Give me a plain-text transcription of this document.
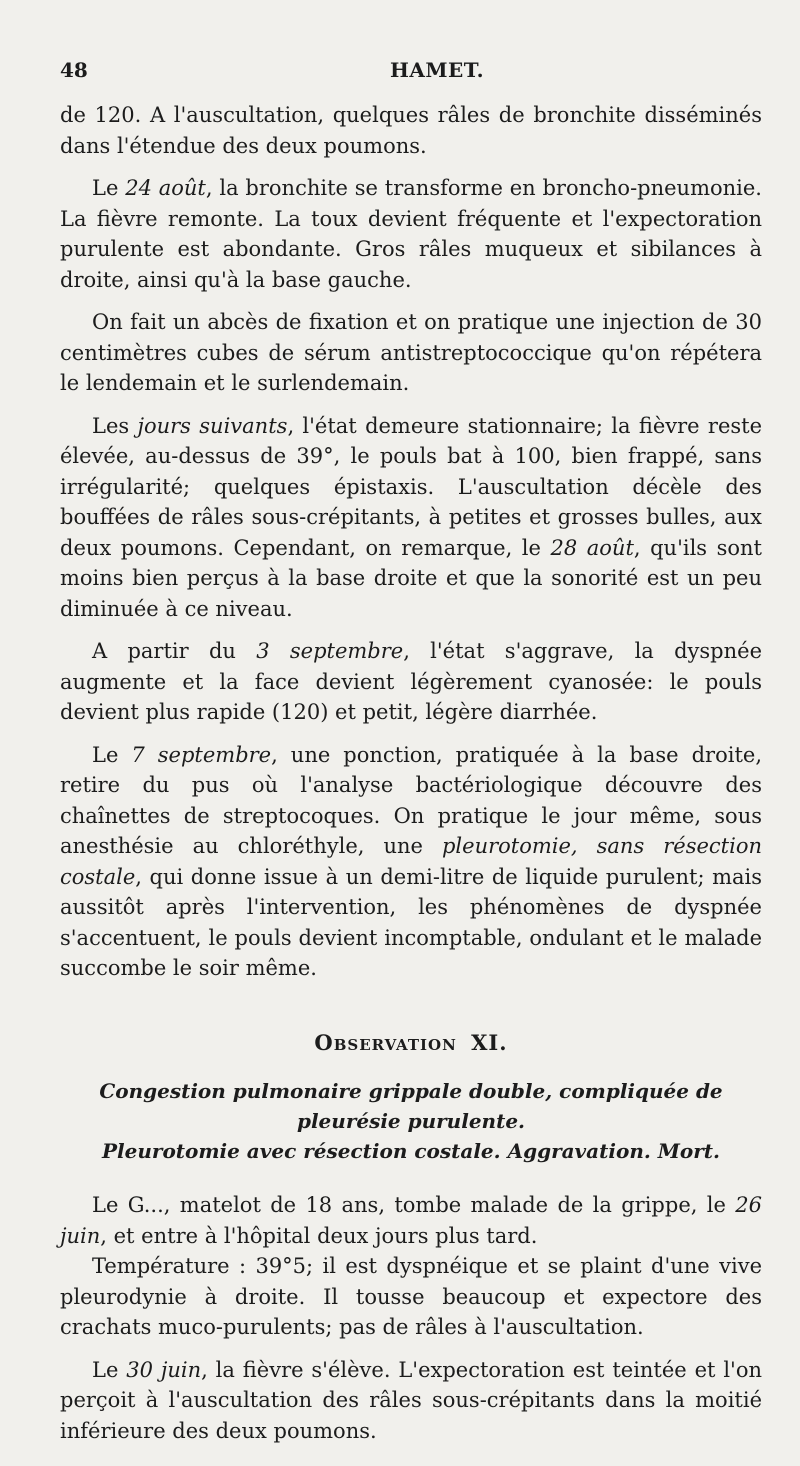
48	HAMET.

de 120. A l'auscultation, quelques râles de bronchite disséminés dans l'étendue des deux poumons.

Le 24 août, la bronchite se transforme en broncho-pneumonie. La fièvre remonte. La toux devient fréquente et l'expectoration purulente est abondante. Gros râles muqueux et sibilances à droite, ainsi qu'à la base gauche.

On fait un abcès de fixation et on pratique une injection de 30 centimètres cubes de sérum antistreptococcique qu'on répétera le lendemain et le surlendemain.

Les jours suivants, l'état demeure stationnaire; la fièvre reste élevée, au-dessus de 39°, le pouls bat à 100, bien frappé, sans irrégularité; quelques épistaxis. L'auscultation décèle des bouffées de râles sous-crépitants, à petites et grosses bulles, aux deux poumons. Cependant, on remarque, le 28 août, qu'ils sont moins bien perçus à la base droite et que la sonorité est un peu diminuée à ce niveau.

A partir du 3 septembre, l'état s'aggrave, la dyspnée augmente et la face devient légèrement cyanosée: le pouls devient plus rapide (120) et petit, légère diarrhée.

Le 7 septembre, une ponction, pratiquée à la base droite, retire du pus où l'analyse bactériologique découvre des chaînettes de streptocoques. On pratique le jour même, sous anesthésie au chloréthyle, une pleurotomie, sans résection costale, qui donne issue à un demi-litre de liquide purulent; mais aussitôt après l'intervention, les phénomènes de dyspnée s'accentuent, le pouls devient incomptable, ondulant et le malade succombe le soir même.

Observation XI.
Congestion pulmonaire grippale double, compliquée de pleurésie purulente.
Pleurotomie avec résection costale. Aggravation. Mort.

Le G..., matelot de 18 ans, tombe malade de la grippe, le 26 juin, et entre à l'hôpital deux jours plus tard.

Température : 39°5; il est dyspnéique et se plaint d'une vive pleurodynie à droite. Il tousse beaucoup et expectore des crachats muco-purulents; pas de râles à l'auscultation.

Le 30 juin, la fièvre s'élève. L'expectoration est teintée et l'on perçoit à l'auscultation des râles sous-crépitants dans la moitié inférieure des deux poumons.
